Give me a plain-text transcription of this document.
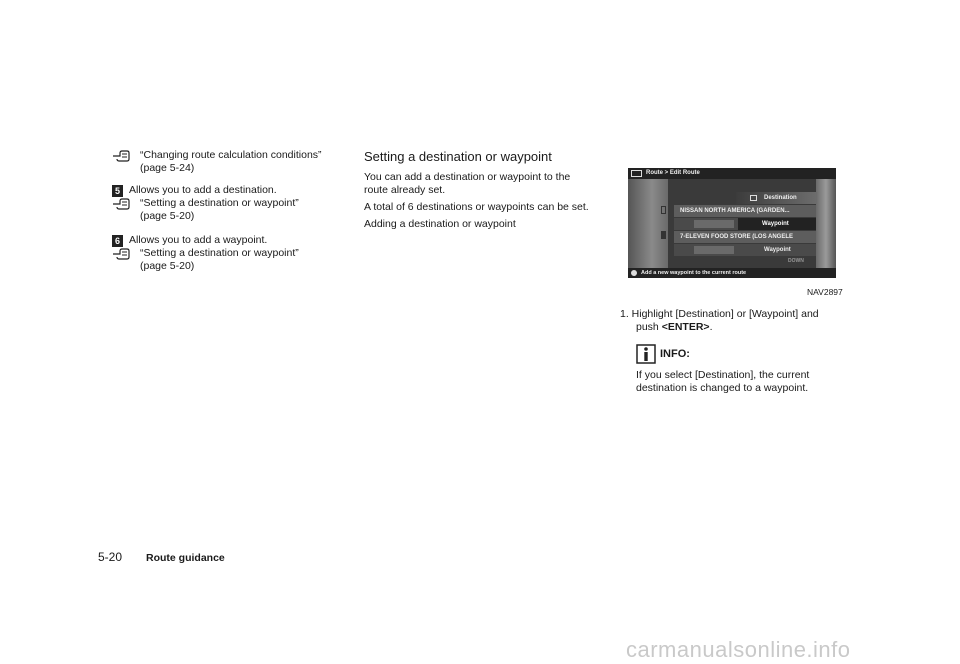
“Changing route calculation conditions”
(page 5-24)
5 Allows you to add a destination.
“Setting a destination or waypoint”
(page 5-20)
6 Allows you to add a waypoint.
“Setting a destination or waypoint”
(page 5-20)
Setting a destination or waypoint
You can add a destination or waypoint to the
route already set.
A total of 6 destinations or waypoints can be set.
Adding a destination or waypoint
Route > Edit Route
Destination
NISSAN NORTH AMERICA (GARDEN...
Waypoint
7-ELEVEN FOOD STORE (LOS ANGELE
Waypoint
DOWN
Add a new waypoint to the current route
NAV2897
1. Highlight [Destination] or [Waypoint] and
push <ENTER>.
INFO:
If you select [Destination], the current
destination is changed to a waypoint.
5-20 Route guidance
carmanualsonline.info
